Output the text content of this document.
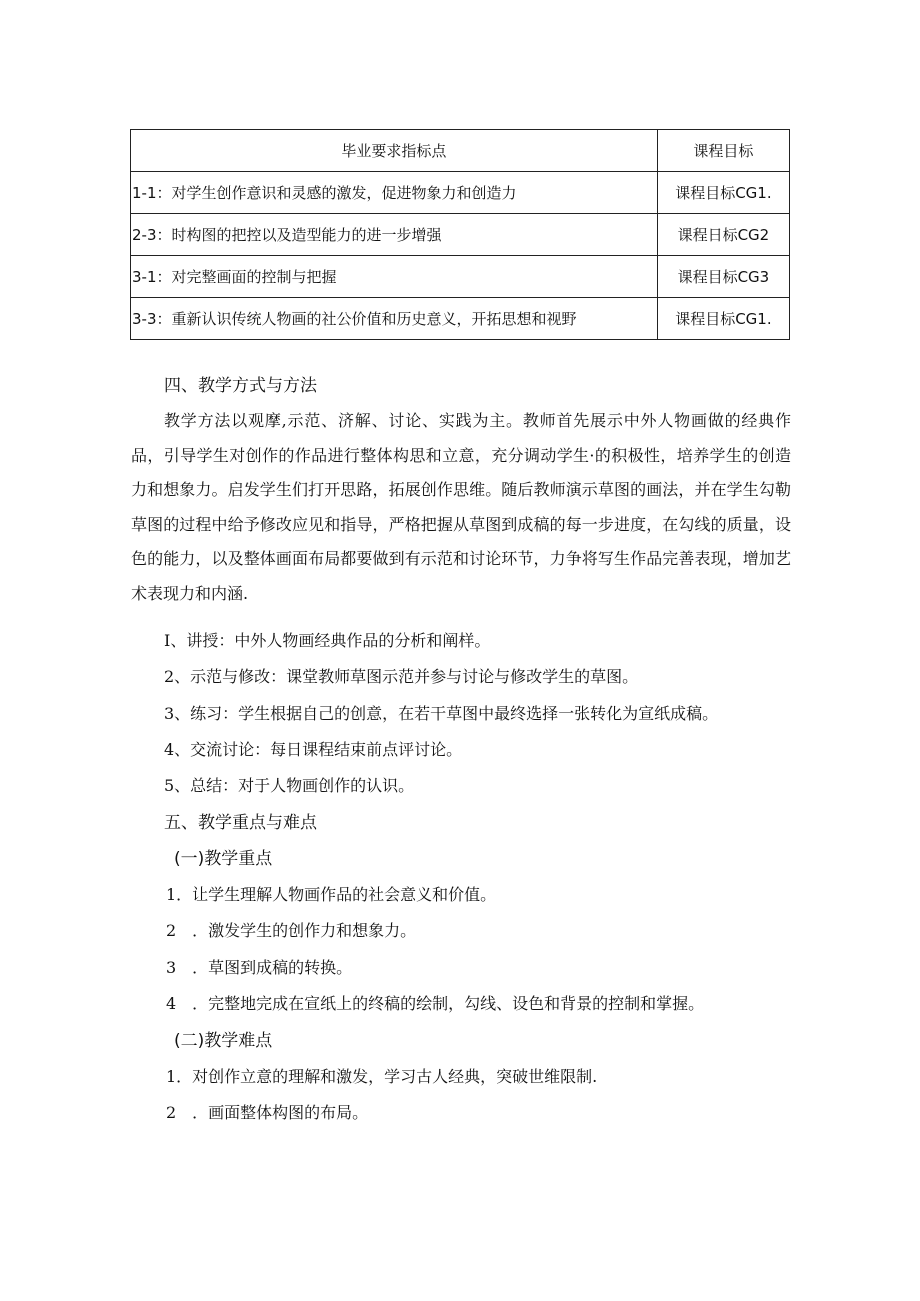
毕业要求指标点	课程目标
1-1：对学生创作意识和灵感的激发，促进物象力和创造力	课程目标CG1.
2-3：时构图的把控以及造型能力的进一步增强	课程日标CG2
3-1：对完整画面的控制与把握	课程目标CG3
3-3：重新认识传统人物画的社公价值和历史意义，开拓思想和视野	课程目标CG1.
四、教学方式与方法
教学方法以观摩,示范、济解、讨论、实践为主。教师首先展示中外人物画做的经典作品，引导学生对创作的作品进行整体构思和立意，充分调动学生·的积极性，培养学生的创造力和想象力。启发学生们打开思路，拓展创作思维。随后教师演示草图的画法，并在学生勾勒草图的过程中给予修改应见和指导，严格把握从草图到成稿的每一步进度，在勾线的质量，设色的能力，以及整体画面布局都要做到有示范和讨论环节，力争将写生作品完善表现，增加艺术表现力和内涵.
I、讲授：中外人物画经典作品的分析和阐样。
2、示范与修改：课堂教师草图示范并参与讨论与修改学生的草图。
3、练习：学生根据自己的创意，在若干草图中最终选择一张转化为宣纸成稿。
4、交流讨论：每日课程结束前点评讨论。
5、总结：对于人物画创作的认识。
五、教学重点与难点
(一)教学重点
1．让学生理解人物画作品的社会意义和价值。
2　．激发学生的创作力和想象力。
3　．草图到成稿的转换。
4　．完整地完成在宣纸上的终稿的绘制，勾线、设色和背景的控制和掌握。
(二)教学难点
1．对创作立意的理解和激发，学习古人经典，突破世维限制.
2　．画面整体构图的布局。
